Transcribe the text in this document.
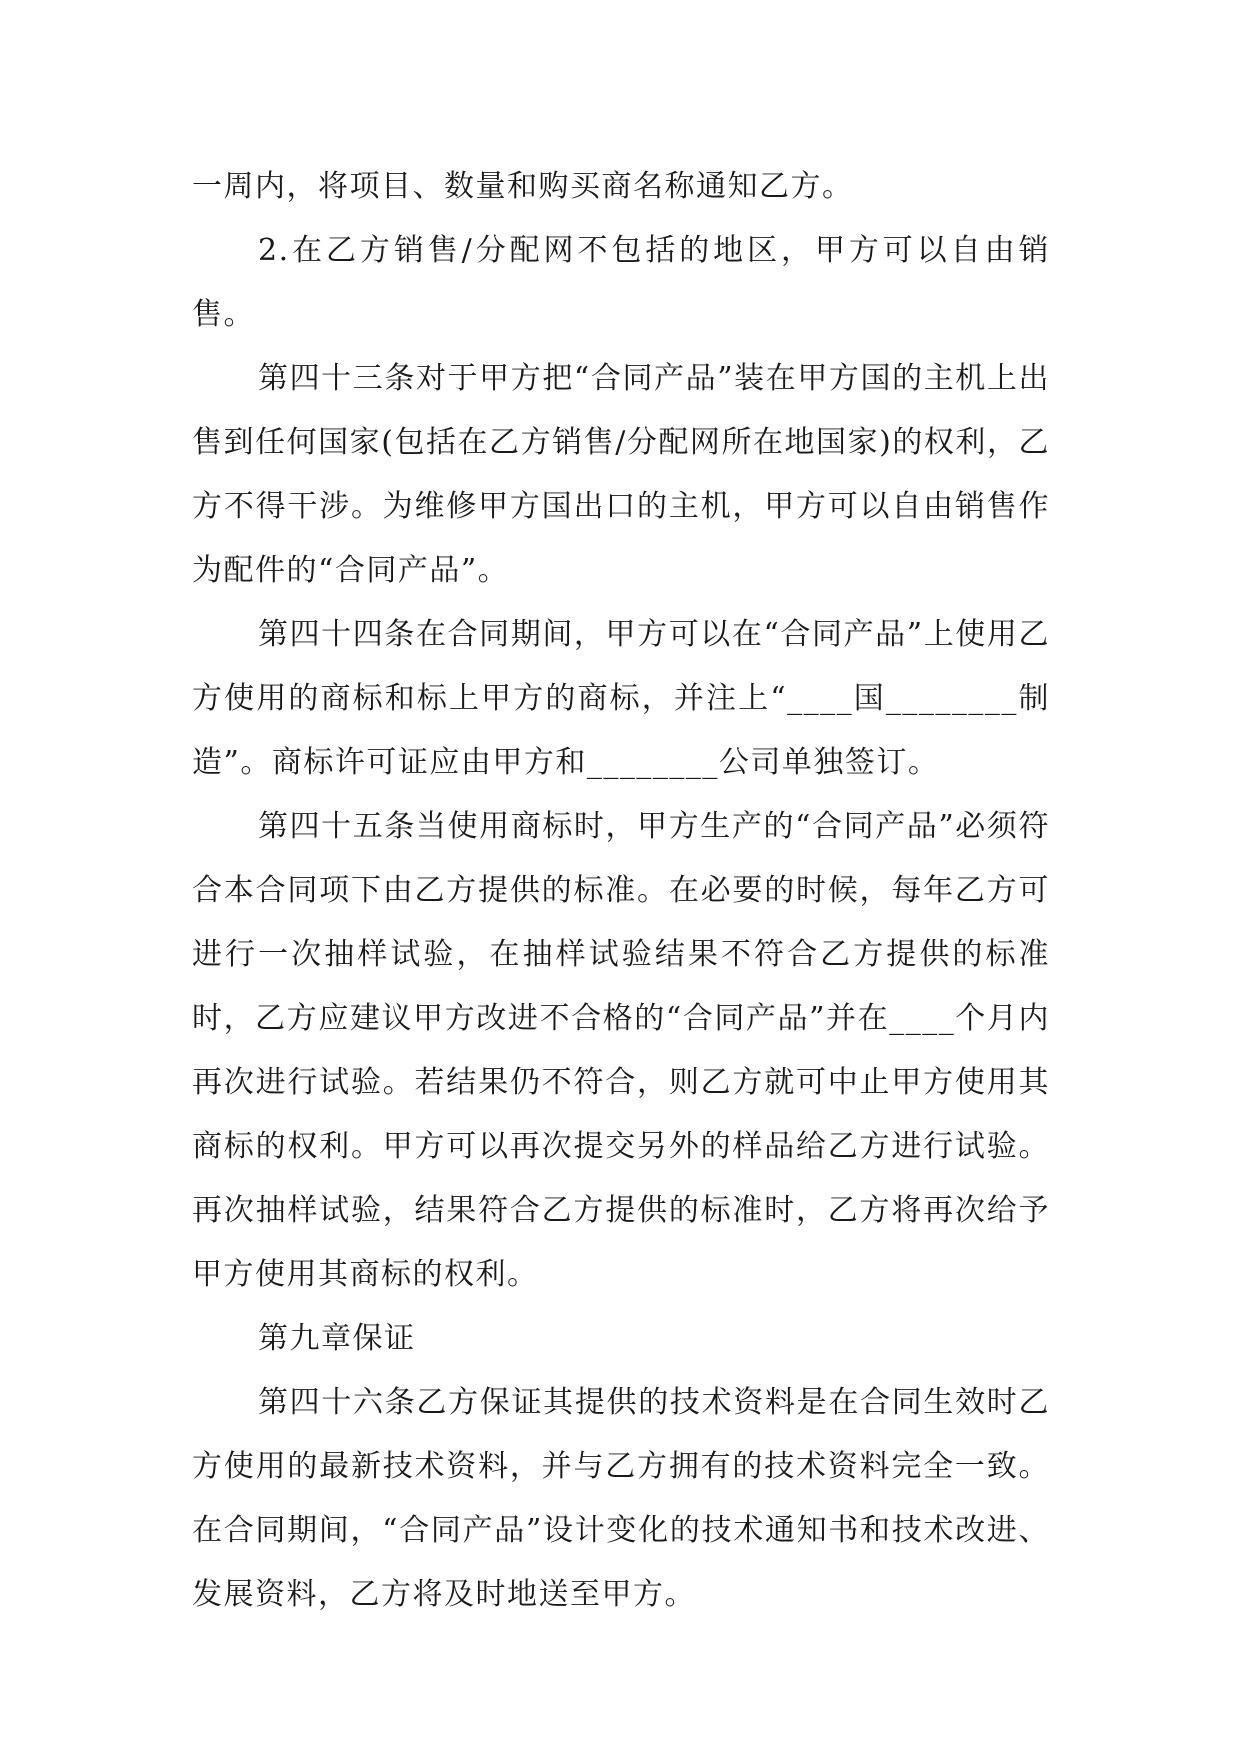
一周内，将项目、数量和购买商名称通知乙方。

2.在乙方销售/分配网不包括的地区，甲方可以自由销售。

第四十三条对于甲方把“合同产品”装在甲方国的主机上出售到任何国家(包括在乙方销售/分配网所在地国家)的权利，乙方不得干涉。为维修甲方国出口的主机，甲方可以自由销售作为配件的“合同产品”。

第四十四条在合同期间，甲方可以在“合同产品”上使用乙方使用的商标和标上甲方的商标，并注上“____国________制造”。商标许可证应由甲方和________公司单独签订。

第四十五条当使用商标时，甲方生产的“合同产品”必须符合本合同项下由乙方提供的标准。在必要的时候，每年乙方可进行一次抽样试验，在抽样试验结果不符合乙方提供的标准时，乙方应建议甲方改进不合格的“合同产品”并在____个月内再次进行试验。若结果仍不符合，则乙方就可中止甲方使用其商标的权利。甲方可以再次提交另外的样品给乙方进行试验。再次抽样试验，结果符合乙方提供的标准时，乙方将再次给予甲方使用其商标的权利。

第九章保证

第四十六条乙方保证其提供的技术资料是在合同生效时乙方使用的最新技术资料，并与乙方拥有的技术资料完全一致。在合同期间，“合同产品”设计变化的技术通知书和技术改进、发展资料，乙方将及时地送至甲方。
